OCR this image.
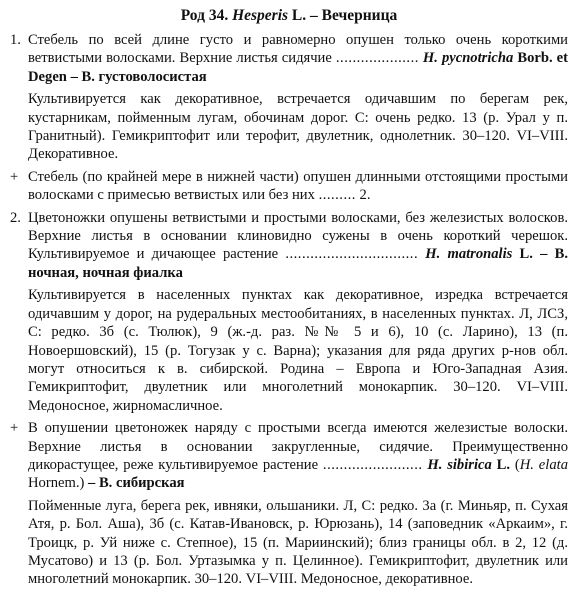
Род 34. Hesperis L. – Вечерница
1. Стебель по всей длине густо и равномерно опушен только очень короткими ветвистыми волосками. Верхние листья сидячие .................... H. pycnotricha Borb. et Degen – В. густоволосистая

Культивируется как декоративное, встречается одичавшим по берегам рек, кустарникам, пойменным лугам, обочинам дорог. С: очень редко. 13 (р. Урал у п. Гранитный). Гемикриптофит или терофит, двулетник, однолетник. 30–120. VI–VIII. Декоративное.

+ Стебель (по крайней мере в нижней части) опушен длинными отстоящими простыми волосками с примесью ветвистых или без них ......... 2.

2. Цветоножки опушены ветвистыми и простыми волосками, без железистых волосков. Верхние листья в основании клиновидно сужены в очень короткий черешок. Культивируемое и дичающее растение ................................ H. matronalis L. – В. ночная, ночная фиалка

Культивируется в населенных пунктах как декоративное, изредка встречается одичавшим у дорог, на рудеральных местообитаниях, в населенных пунктах. Л, ЛСЗ, С: редко. 3б (с. Тюлюк), 9 (ж.-д. раз. №№ 5 и 6), 10 (с. Ларино), 13 (п. Новоершовский), 15 (р. Тогузак у с. Варна); указания для ряда других р-нов обл. могут относиться к в. сибирской. Родина – Европа и Юго-Западная Азия. Гемикриптофит, двулетник или многолетний монокарпик. 30–120. VI–VIII. Медоносное, жирномасличное.

+ В опушении цветоножек наряду с простыми всегда имеются железистые волоски. Верхние листья в основании закругленные, сидячие. Преимущественно дикорастущее, реже культивируемое растение ........................ H. sibirica L. (H. elata Hornem.) – В. сибирская

Пойменные луга, берега рек, ивняки, ольшаники. Л, С: редко. 3а (г. Миньяр, п. Сухая Атя, р. Бол. Аша), 3б (с. Катав-Ивановск, р. Юрюзань), 14 (заповедник «Аркаим», г. Троицк, р. Уй ниже с. Степное), 15 (п. Мариинский); близ границы обл. в 2, 12 (д. Мусатово) и 13 (р. Бол. Уртазымка у п. Целинное). Гемикриптофит, двулетник или многолетний монокарпик. 30–120. VI–VIII. Медоносное, декоративное.
